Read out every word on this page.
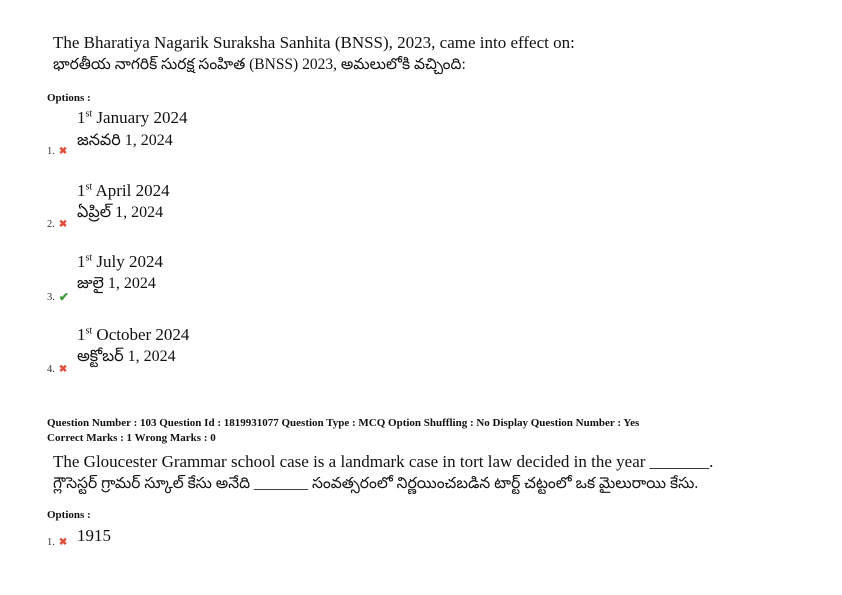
The Bharatiya Nagarik Suraksha Sanhita (BNSS), 2023, came into effect on:
భారతీయ నాగరిక్ సురక్ష సంహిత (BNSS) 2023, అమలులోకి వచ్చింది:
Options :
1st January 2024
జనవరి 1, 2024
1. ✖
1st April 2024
ఏప్రిల్ 1, 2024
2. ✖
1st July 2024
జులై 1, 2024
3. ✔
1st October 2024
అక్టోబర్ 1, 2024
4. ✖
Question Number : 103 Question Id : 1819931077 Question Type : MCQ Option Shuffling : No Display Question Number : Yes
Correct Marks : 1 Wrong Marks : 0
The Gloucester Grammar school case is a landmark case in tort law decided in the year _______.
గ్లౌసెస్టర్ గ్రామర్ స్కూల్ కేసు అనేది _______ సంవత్సరంలో నిర్ణయించబడిన టార్ట్ చట్టంలో ఒక మైలురాయి కేసు.
Options :
1915
1. ✖
